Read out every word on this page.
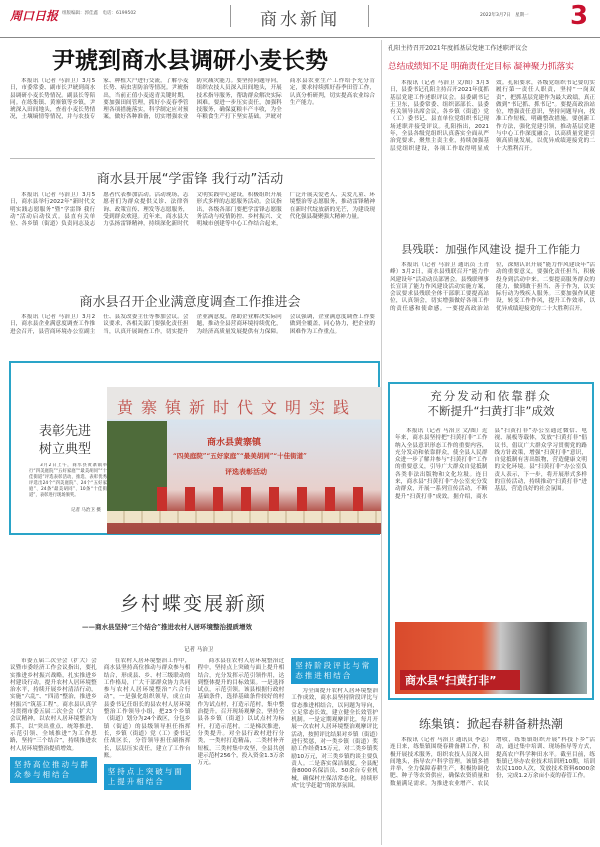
周口日报 组版编辑：郭佳鑫　电话：6199502	商水新闻	2022年3月7日　星期一 3
尹琥到商水县调研小麦长势
本报讯（记者 马治卫）3月5日，市委常委、副市长尹琥到商水县调研小麦长势情况。副县长等陪同。在练集镇、黄寨镇等乡镇，尹琥深入田间地头，查看小麦长势情况，土壤墒情等情况，并与农技专家、种植大户进行交流，了解小麦长势、病虫害防治等情况。尹琥指出，当前正值小麦返青关键时期，要加强田间管理，抓好小麦春季管理各项措施落实，科学制定应对预案，做好各种准备，切实增强农业防灾减灾能力。要坚持问题导向，组织农技人员深入田间地头，开展技术指导服务，帮助群众解决实际困难。要进一步压实责任，加强科技服务，确保夏粮丰产丰收，为全年粮食生产打下坚实基础。尹琥对商水县农业生产工作给予充分肯定，要求持续抓好春季田管工作，认真分析研判，切实提高农业综合生产能力。
商水县开展“学雷锋 我行动”活动
本报讯（记者 马治卫）3月5日，商水县举行2022年“新时代文明实践志愿服务”暨“学雷锋 我行动”活动启动仪式。县直有关单位、各乡镇（街道）负责同志及志愿者代表参加活动。活动现场，志愿者们为群众提供义诊、法律咨询、政策宣传、理发等志愿服务，受到群众欢迎。近年来，商水县大力弘扬雷锋精神，持续深化新时代文明实践中心建设，积极组织开展形式多样的志愿服务活动。会议指出，各级各部门要把学雷锋志愿服务活动与疫情防控、乡村振兴、文明城市创建等中心工作结合起来，广泛开展关爱老人、关爱儿童、环境整治等志愿服务，推动雷锋精神在新时代绽放新的光芒，为建设现代化强县凝聚强大精神力量。
商水县召开企业满意度调查工作推进会
本报讯（记者 马治卫）3月2日，商水县企业满意度调查工作推进会召开，县营商环境办公室副主任、县发改委主任等参加会议。会议要求，各相关部门要强化责任担当，认真开展调查工作，切实提升企业满意度，帮助企业解决实际问题，推动全县营商环境持续优化，为经济高质量发展提供有力保障。会议强调，企业满意度调查工作要做到全覆盖，同心协力，把企业的困难作为工作重点。
表彰先进
树立典型
3月2日上午，商水县黄寨镇举行“四美庭院”“五好家庭”“最美胡同”“十佳街道”评选表彰活动，推选、表彰优秀评选出24个“四美庭院”、24个“五好家庭”、24条“最美胡同”、10条“十佳街道”，表彰进行现场颁奖。
记者 马治卫 摄
黄寨镇新时代文明实践
商水县黄寨镇
“四美庭院”“五好家庭”“最美胡同”“十佳街道”
评选表彰活动
乡村蝶变展新颜
——商水县坚持“三个结合”推进农村人居环境整治提质增效
记者 马治卫
市委五届二次全会（扩大）会议暨市委经济工作会议指出，要扎实推进乡村振兴战略，扎实推进乡村建设行动，提升农村人居环境整治水平，持续开展乡村清洁行动，实施“六乱”、“四清”整治，推进乡村振兴“筑基工程”。商水县认真学习贯彻市委五届二次全会（扩大）会议精神，以农村人居环境整治为抓手，以“突出重点、统筹推进、示范引领、全域推进”为工作思路，坚持“三个结合”，持续推进农村人居环境整治提质增效。
坚持高位推动与群众参与相结合
在农村人居环境整治工作中，商水县坚持高位推动与群众参与相结合，形成县、乡、村三级联动的工作格局，广大干部群众协力共同参与农村人居环境整治“六合行动”，一是强化组织领导，成立由县委书记任组长的县农村人居环境整治工作领导小组，把23个乡镇（街道）划分为24个战区，分包乡镇（街道）的县级领导担任指挥长，乡镇（街道）党（工）委书记任战区长，分管领导担任副指挥长，层层压实责任，建立了工作台账。
坚持点上突破与面上提升相结合
商水县在农村人居环境整治过程中，坚持点上突破与面上提升相结合，充分发挥示范引领作用，达到整体提升的目标效果。一是选择试点，示范引领。该县根据行政村基础条件，选择基础条件较好的村作为试点村，打造示范村，集中整治提升。召开现场观摩会，坚持全县各乡镇（街道）以试点村为标杆，打造示范村。二是梯次推进，分类提升。对全县行政村进行分类，一类村打造精品，二类村补齐短板，三类村集中攻坚，全县共创建示范村256个，投入资金1.3万余万元。
坚持阶段评比与常态推进相结合
为全面提升农村人居环境整治工作成效，商水县坚持阶段评比与常态推进相结合，以问题为导向，立足常态长效，建立健全长效管护机制。一是定期观摩评比，每月开展一次农村人居环境整治观摩评比活动，按照评比结果对乡镇（街道）进行奖惩，对一类乡镇（街道）奖励工作经费15万元，对二类乡镇奖励10万元，对三类乡镇约谈主要负责人。二是落实保洁制度，全县配备8000名保洁员、50余台专业机械，确保村庄保洁常态化，持续形成“比学赶超”的浓厚氛围。
孔阳主持召开2021年度抓基层党建工作述职评议会
总结成绩知不足 明确责任定目标 凝神聚力抓落实
本报讯（记者 马治卫 文/图）3月3日，县委书记孔阳主持召开2021年度抓基层党建工作述职评议会。县委副书记王卫东，县委常委、组织部部长、县委有关领导出席会议。各乡镇（街道）党（工）委书记、县直单位党组织书记现场述职并接受评议。孔阳指出，2021年，全县各级党组织认真落实全面从严治党要求，聚焦主责主业，持续加强基层党组织建设，各项工作取得明显成效。孔阳要求，各级党组织书记要切实履行第一责任人职责，坚持“一岗双责”，把抓基层党建作为最大政绩，真正做到“书记抓、抓书记”。要提高政治站位，增强责任意识，坚持问题导向，找准工作短板，明确整改措施。要创新工作方法，强化党建引领，推动基层党建与中心工作深度融合，以高质量党建引领高质量发展，以优异成绩迎接党的二十大胜利召开。
县残联：加强作风建设 提升工作能力
本报讯（记者 马治卫 通讯员 王青峰）3月2日，商水县残联召开“能力作风建设年”活动动员部署会。县残联理事长宣读了能力作风建设活动实施方案，会议要求县残联全体干部职工要提高站位，认真领会，切实增强做好各项工作的责任感和使命感。一要提高政治站位，深刻认识开展“能力作风建设年”活动的重要意义，要强化责任担当，积极投身到活动中来。二要提高服务群众的能力，做到敢于担当、善于作为，以实际行动为残疾人服务。三要加强作风建设，转变工作作风，提升工作效率，以优异成绩迎接党的二十大胜利召开。
充分发动和依靠群众
不断提升“扫黄打非”成效
本报讯（记者 马治卫 文/图）近年来，商水县坚持把“扫黄打非”工作纳入全县意识形态工作的重要内容，充分发动和依靠群众，使全县人民群众进一步了解并参与“扫黄打非”工作的重要意义，引导广大群众自觉抵制各类非法出版物和文化垃圾。连日来，商水县“扫黄打非”办公室充分发动群众，开展一系列宣传活动，不断提升“扫黄打非”成效。据介绍，商水县“扫黄打非”办公室通过微信、电视、展板等载体，发放“扫黄打非”倡议书，倡议广大群众学习贯彻党的路线方针政策，增强“扫黄打非”意识，自觉抵制有害出版物，营造健康文明的文化环境。县“扫黄打非”办公室负责人表示，下一步，将开展形式多样的宣传活动，持续推动“扫黄打非”进基层，营造良好的社会氛围。
商水县“扫黄打非”
练集镇：掀起春耕备耕热潮
本报讯（记者 马治卫 通讯员 李志）连日来，练集镇围绕春耕备耕工作，积极开展技术服务，组织农技人员深入田间地头，指导农户科学管理。该镇多措并举，全力保障春耕生产，积极协调化肥、种子等农资供应，确保农资质量和数量满足需求。为推进农业增产、农民增收，练集镇组织开展“科技下乡”活动，通过集中培训、现场指导等方式，提高农户科学种田水平。截至目前，练集镇已举办农业技术培训班10期，培训农民1100人次，发放技术资料6000余份，完成1.2万余亩小麦的春管工作。
